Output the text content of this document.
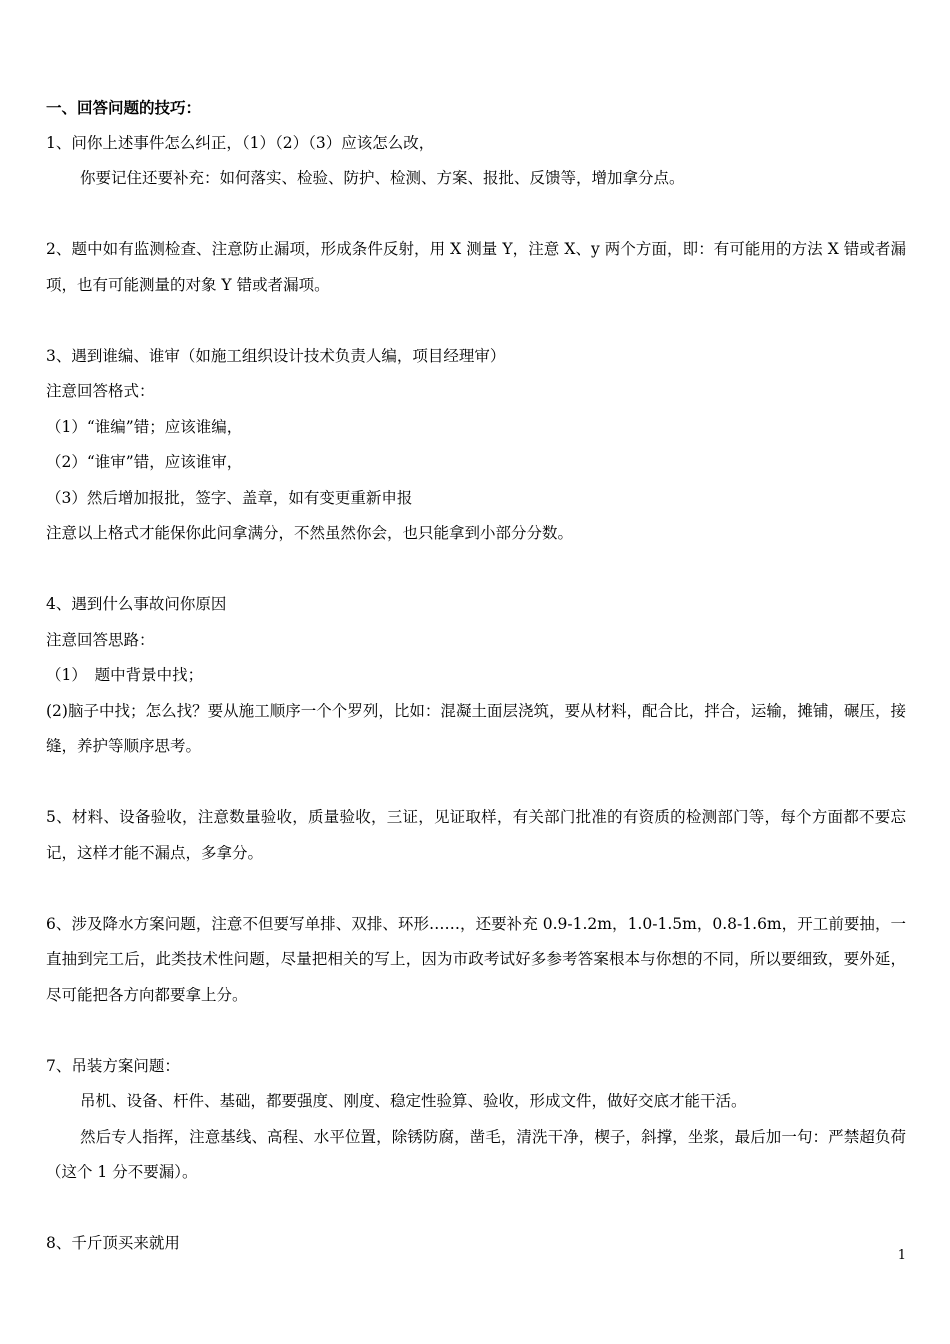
一、回答问题的技巧：
1、问你上述事件怎么纠正，（1）（2）（3）应该怎么改，
你要记住还要补充：如何落实、检验、防护、检测、方案、报批、反馈等，增加拿分点。
2、题中如有监测检查、注意防止漏项，形成条件反射，用 X 测量 Y，注意 X、y 两个方面，即：有可能用的方法 X 错或者漏项，也有可能测量的对象 Y 错或者漏项。
3、遇到谁编、谁审（如施工组织设计技术负责人编，项目经理审）
注意回答格式：
（1）“谁编”错；应该谁编，
（2）“谁审”错，应该谁审，
（3）然后增加报批，签字、盖章，如有变更重新申报
注意以上格式才能保你此问拿满分，不然虽然你会，也只能拿到小部分分数。
4、遇到什么事故问你原因
注意回答思路：
（1）　题中背景中找；
(2)脑子中找；怎么找？要从施工顺序一个个罗列，比如：混凝土面层浇筑，要从材料，配合比，拌合，运输，摊铺，碾压，接缝，养护等顺序思考。
5、材料、设备验收，注意数量验收，质量验收，三证，见证取样，有关部门批准的有资质的检测部门等，每个方面都不要忘记，这样才能不漏点，多拿分。
6、涉及降水方案问题，注意不但要写单排、双排、环形……，还要补充 0.9-1.2m，1.0-1.5m，0.8-1.6m，开工前要抽，一直抽到完工后，此类技术性问题，尽量把相关的写上，因为市政考试好多参考答案根本与你想的不同，所以要细致，要外延，尽可能把各方向都要拿上分。
7、吊装方案问题：
吊机、设备、杆件、基础，都要强度、刚度、稳定性验算、验收，形成文件，做好交底才能干活。
然后专人指挥，注意基线、高程、水平位置，除锈防腐，凿毛，清洗干净，楔子，斜撑，坐浆，最后加一句：严禁超负荷（这个 1 分不要漏）。
8、千斤顶买来就用
1
